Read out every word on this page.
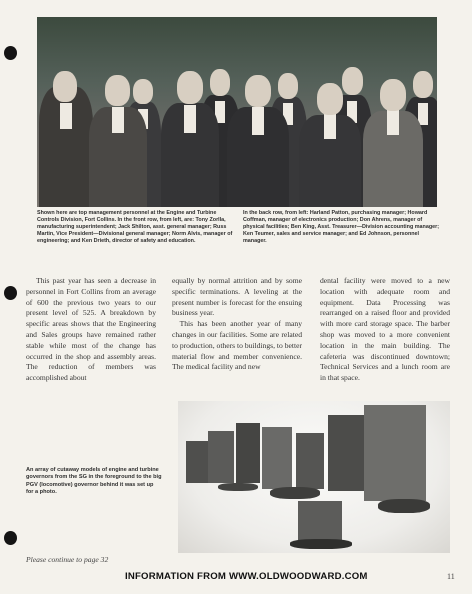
Shown here are top management personnel at the Engine and Turbine Controls Division, Fort Collins. In the front row, from left, are: Tony Zorlla, manufacturing superintendent; Jack Shilton, asst. general manager; Russ Martin, Vice President—Divisional general manager; Norm Alvis, manager of engineering; and Ken Drieth, director of safety and education.
In the back row, from left: Harland Patton, purchasing manager; Howard Coffman, manager of electronics production; Don Ahrens, manager of physical facilities; Ben King, Asst. Treasurer—Division accounting manager; Ken Teumer, sales and service manager; and Ed Johnson, personnel manager.
This past year has seen a decrease in personnel in Fort Collins from an average of 600 the previous two years to our present level of 525. A breakdown by specific areas shows that the Engineering and Sales groups have remained rather stable while most of the change has occurred in the shop and assembly areas. The reduction of members was accomplished about
equally by normal attrition and by some specific terminations. A leveling at the present number is forecast for the ensuing business year.
 This has been another year of many changes in our facilities. Some are related to production, others to buildings, to better material flow and member convenience. The medical facility and new
dental facility were moved to a new location with adequate room and equipment. Data Processing was rearranged on a raised floor and provided with more card storage space. The barber shop was moved to a more convenient location in the main building. The cafeteria was discontinued downtown; Technical Services and a lunch room are in that space.
An array of cutaway models of engine and turbine governors from the SG in the foreground to the big PGV (locomotive) governor behind it was set up for a photo.
Please continue to page 32
INFORMATION FROM WWW.OLDWOODWARD.COM	11
